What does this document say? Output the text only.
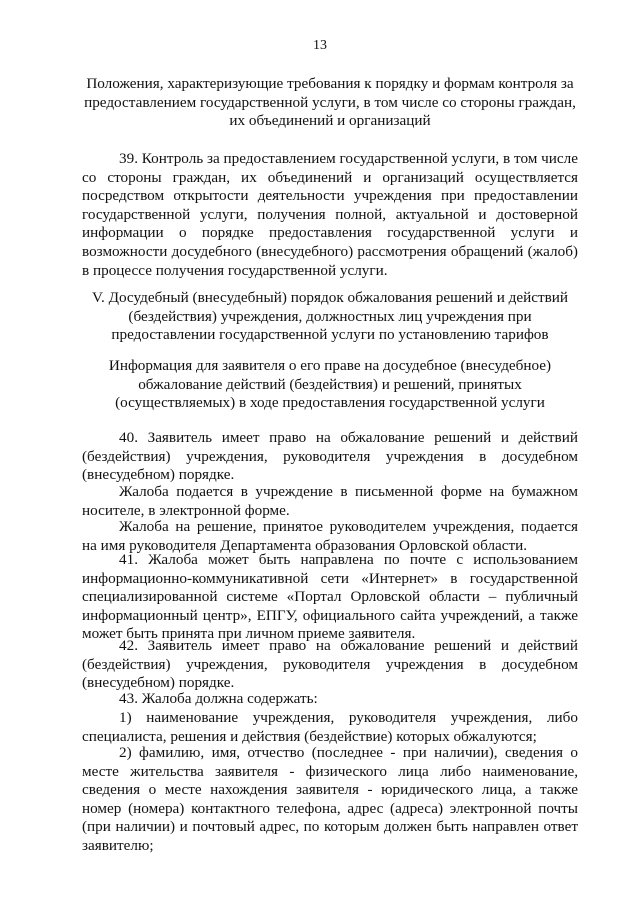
13
Положения, характеризующие требования к порядку и формам контроля за предоставлением государственной услуги, в том числе со стороны граждан, их объединений и организаций
39. Контроль за предоставлением государственной услуги, в том числе со стороны граждан, их объединений и организаций осуществляется посредством открытости деятельности учреждения при предоставлении государственной услуги, получения полной, актуальной и достоверной информации о порядке предоставления государственной услуги и возможности досудебного (внесудебного) рассмотрения обращений (жалоб) в процессе получения государственной услуги.
V. Досудебный (внесудебный) порядок обжалования решений и действий (бездействия) учреждения, должностных лиц учреждения при предоставлении государственной услуги по установлению тарифов
Информация для заявителя о его праве на досудебное (внесудебное) обжалование действий (бездействия) и решений, принятых (осуществляемых) в ходе предоставления государственной услуги
40. Заявитель имеет право на обжалование решений и действий (бездействия) учреждения, руководителя учреждения в досудебном (внесудебном) порядке.
Жалоба подается в учреждение в письменной форме на бумажном носителе, в электронной форме.
Жалоба на решение, принятое руководителем учреждения, подается на имя руководителя Департамента образования Орловской области.
41. Жалоба может быть направлена по почте с использованием информационно-коммуникативной сети «Интернет» в государственной специализированной системе «Портал Орловской области – публичный информационный центр», ЕПГУ, официального сайта учреждений, а также может быть принята при личном приеме заявителя.
42. Заявитель имеет право на обжалование решений и действий (бездействия) учреждения, руководителя учреждения в досудебном (внесудебном) порядке.
43. Жалоба должна содержать:
1) наименование учреждения, руководителя учреждения, либо специалиста, решения и действия (бездействие) которых обжалуются;
2) фамилию, имя, отчество (последнее - при наличии), сведения о месте жительства заявителя - физического лица либо наименование, сведения о месте нахождения заявителя - юридического лица, а также номер (номера) контактного телефона, адрес (адреса) электронной почты (при наличии) и почтовый адрес, по которым должен быть направлен ответ заявителю;
